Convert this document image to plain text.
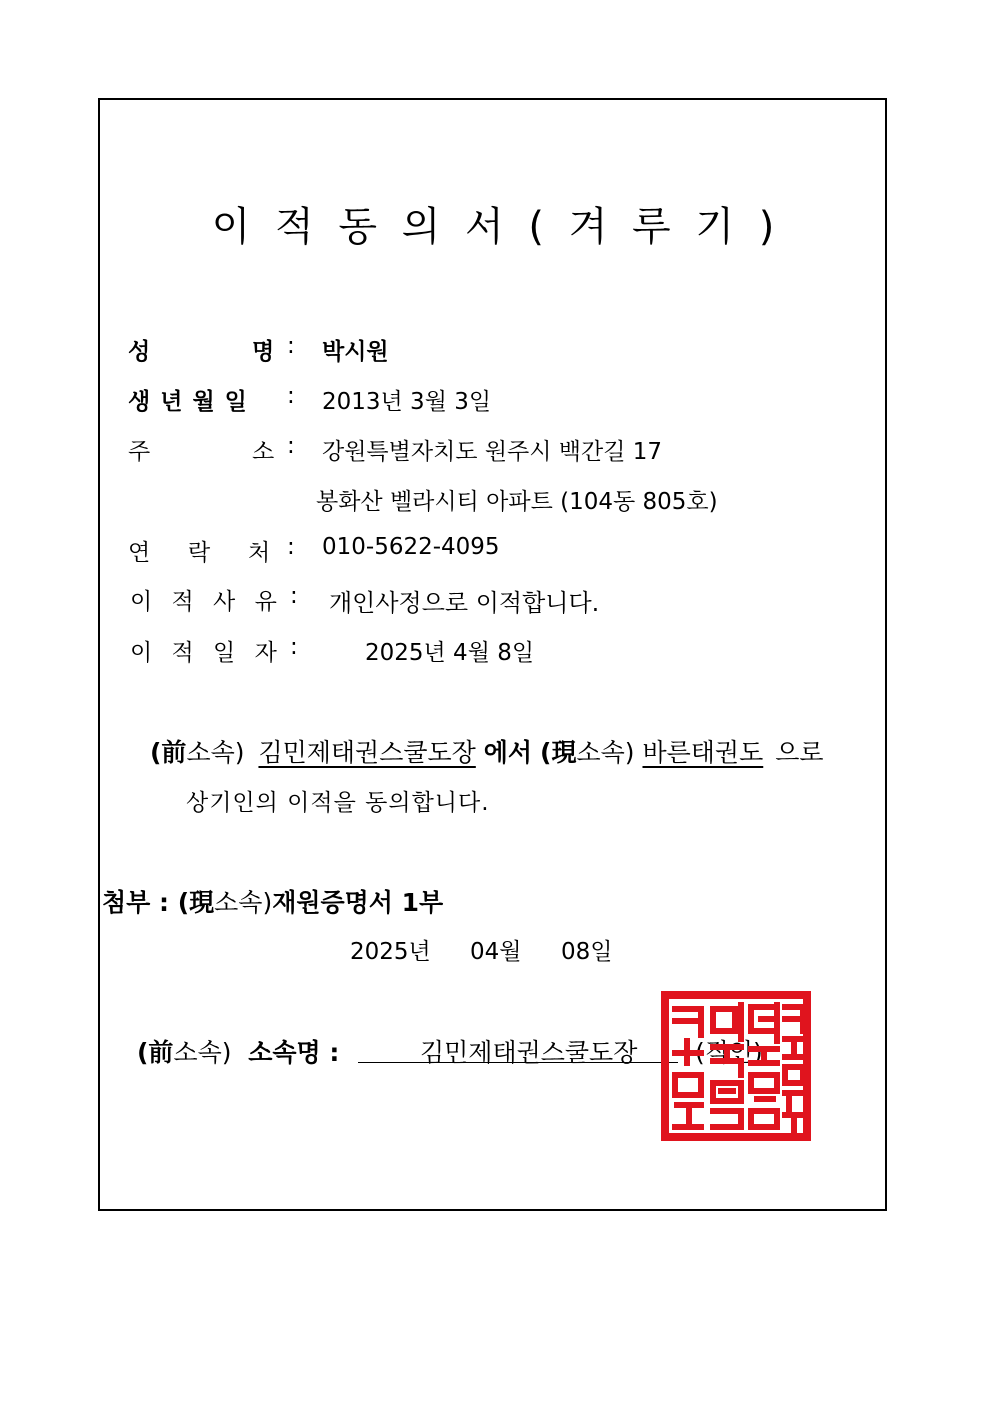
이 적 동 의 서 ( 겨 루 기 )
성	명 : 박시원
생 년 월 일 : 2013년 3월 3일
주	소 : 강원특별자치도 원주시 백간길 17
봉화산 벨라시티 아파트 (104동 805호)
연 락 처 : 010-5622-4095
이 적 사 유 : 개인사정으로 이적합니다.
이 적 일 자 :	2025년 4월 8일
(前소속) 김민제태권스쿨도장 에서 (現소속) 바른태권도 으로
상기인의 이적을 동의합니다.
첨부 : (現소속)재원증명서 1부
2025년 04월 08일
(前소속) 소속명 :	김민제태권스쿨도장 (직인)
